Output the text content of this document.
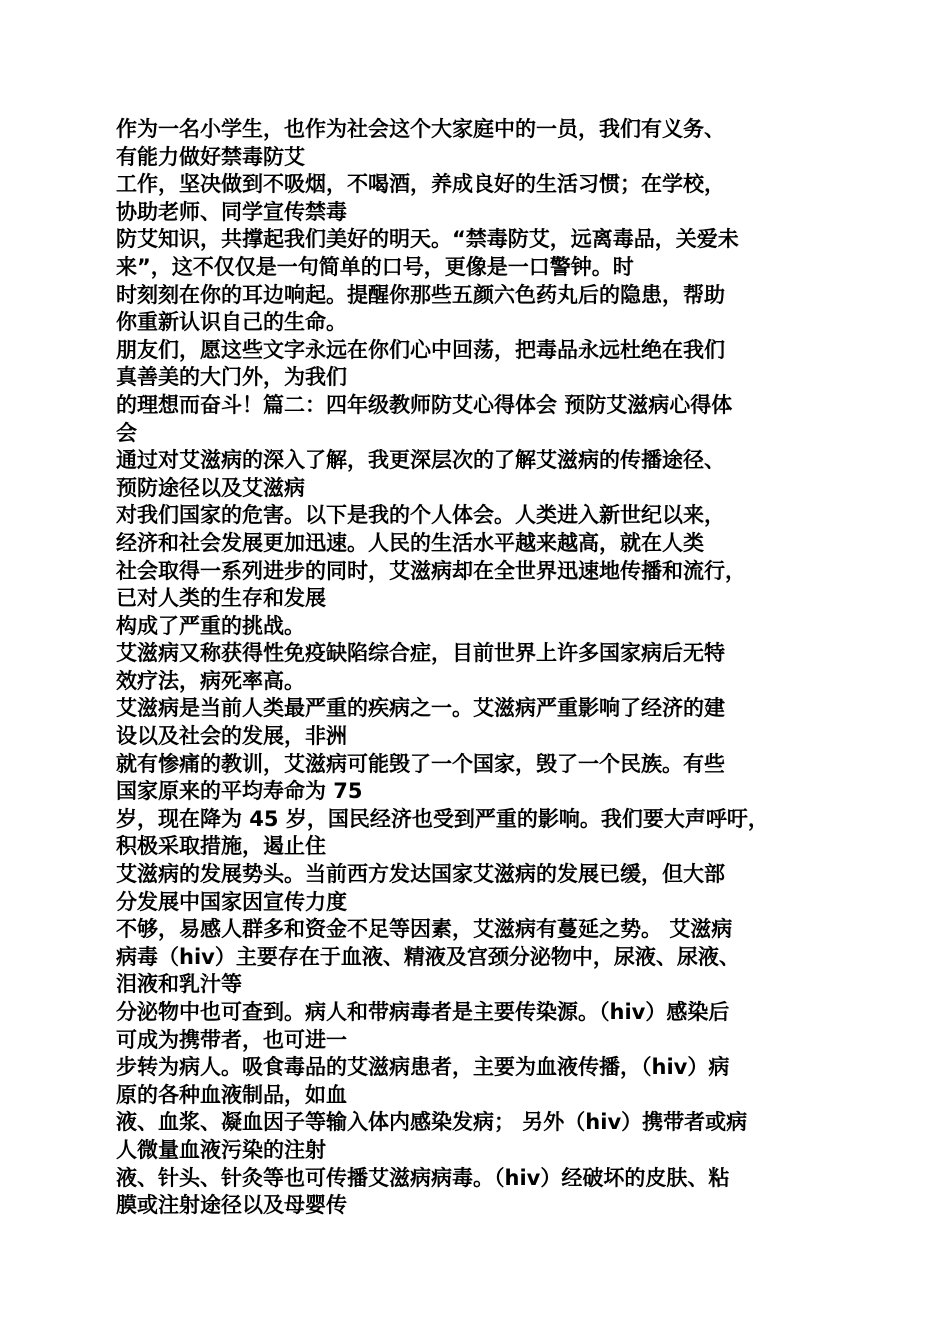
作为一名小学生，也作为社会这个大家庭中的一员，我们有义务、
有能力做好禁毒防艾
工作，坚决做到不吸烟，不喝酒，养成良好的生活习惯；在学校，
协助老师、同学宣传禁毒
防艾知识，共撑起我们美好的明天。“禁毒防艾，远离毒品，关爱未
来”，这不仅仅是一句简单的口号，更像是一口警钟。时
时刻刻在你的耳边响起。提醒你那些五颜六色药丸后的隐患，帮助
你重新认识自己的生命。
朋友们，愿这些文字永远在你们心中回荡，把毒品永远杜绝在我们
真善美的大门外，为我们
的理想而奋斗！篇二：四年级教师防艾心得体会 预防艾滋病心得体
会
通过对艾滋病的深入了解，我更深层次的了解艾滋病的传播途径、
预防途径以及艾滋病
对我们国家的危害。以下是我的个人体会。人类进入新世纪以来，
经济和社会发展更加迅速。人民的生活水平越来越高，就在人类
社会取得一系列进步的同时，艾滋病却在全世界迅速地传播和流行，
已对人类的生存和发展
构成了严重的挑战。
艾滋病又称获得性免疫缺陷综合症，目前世界上许多国家病后无特
效疗法，病死率高。
艾滋病是当前人类最严重的疾病之一。艾滋病严重影响了经济的建
设以及社会的发展，非洲
就有惨痛的教训，艾滋病可能毁了一个国家，毁了一个民族。有些
国家原来的平均寿命为 75
岁，现在降为 45 岁，国民经济也受到严重的影响。我们要大声呼吁，
积极采取措施，遏止住
艾滋病的发展势头。当前西方发达国家艾滋病的发展已缓，但大部
分发展中国家因宣传力度
不够，易感人群多和资金不足等因素，艾滋病有蔓延之势。 艾滋病
病毒（hiv）主要存在于血液、精液及宫颈分泌物中，尿液、尿液、
泪液和乳汁等
分泌物中也可查到。病人和带病毒者是主要传染源。（hiv）感染后
可成为携带者，也可进一
步转为病人。吸食毒品的艾滋病患者，主要为血液传播，（hiv）病
原的各种血液制品，如血
液、血浆、凝血因子等输入体内感染发病； 另外（hiv）携带者或病
人微量血液污染的注射
液、针头、针灸等也可传播艾滋病病毒。（hiv）经破坏的皮肤、粘
膜或注射途径以及母婴传
